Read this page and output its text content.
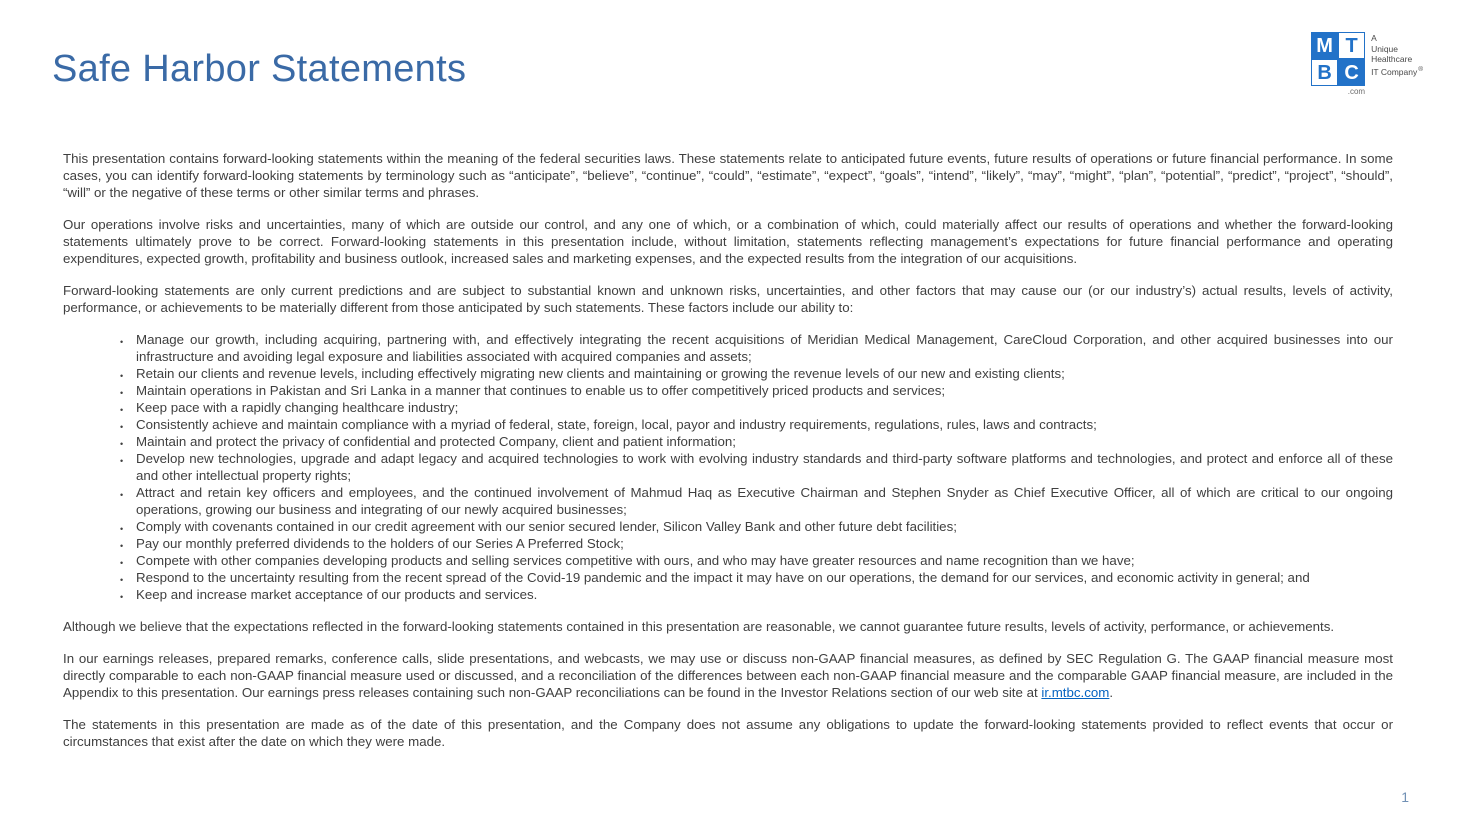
Safe Harbor Statements
M T
B C
.com
A
Unique
Healthcare
IT Company®

This presentation contains forward-looking statements within the meaning of the federal securities laws. These statements relate to anticipated future events, future results of operations or future financial performance. In some cases, you can identify forward-looking statements by terminology such as “anticipate”, “believe”, “continue”, “could”, “estimate”, “expect”, “goals”, “intend”, “likely”, “may”, “might”, “plan”, “potential”, “predict”, “project”, “should”, “will” or the negative of these terms or other similar terms and phrases.

Our operations involve risks and uncertainties, many of which are outside our control, and any one of which, or a combination of which, could materially affect our results of operations and whether the forward-looking statements ultimately prove to be correct. Forward-looking statements in this presentation include, without limitation, statements reflecting management’s expectations for future financial performance and operating expenditures, expected growth, profitability and business outlook, increased sales and marketing expenses, and the expected results from the integration of our acquisitions.

Forward-looking statements are only current predictions and are subject to substantial known and unknown risks, uncertainties, and other factors that may cause our (or our industry’s) actual results, levels of activity, performance, or achievements to be materially different from those anticipated by such statements. These factors include our ability to:

• Manage our growth, including acquiring, partnering with, and effectively integrating the recent acquisitions of Meridian Medical Management, CareCloud Corporation, and other acquired businesses into our infrastructure and avoiding legal exposure and liabilities associated with acquired companies and assets;
• Retain our clients and revenue levels, including effectively migrating new clients and maintaining or growing the revenue levels of our new and existing clients;
• Maintain operations in Pakistan and Sri Lanka in a manner that continues to enable us to offer competitively priced products and services;
• Keep pace with a rapidly changing healthcare industry;
• Consistently achieve and maintain compliance with a myriad of federal, state, foreign, local, payor and industry requirements, regulations, rules, laws and contracts;
• Maintain and protect the privacy of confidential and protected Company, client and patient information;
• Develop new technologies, upgrade and adapt legacy and acquired technologies to work with evolving industry standards and third-party software platforms and technologies, and protect and enforce all of these and other intellectual property rights;
• Attract and retain key officers and employees, and the continued involvement of Mahmud Haq as Executive Chairman and Stephen Snyder as Chief Executive Officer, all of which are critical to our ongoing operations, growing our business and integrating of our newly acquired businesses;
• Comply with covenants contained in our credit agreement with our senior secured lender, Silicon Valley Bank and other future debt facilities;
• Pay our monthly preferred dividends to the holders of our Series A Preferred Stock;
• Compete with other companies developing products and selling services competitive with ours, and who may have greater resources and name recognition than we have;
• Respond to the uncertainty resulting from the recent spread of the Covid-19 pandemic and the impact it may have on our operations, the demand for our services, and economic activity in general; and
• Keep and increase market acceptance of our products and services.

Although we believe that the expectations reflected in the forward-looking statements contained in this presentation are reasonable, we cannot guarantee future results, levels of activity, performance, or achievements.

In our earnings releases, prepared remarks, conference calls, slide presentations, and webcasts, we may use or discuss non-GAAP financial measures, as defined by SEC Regulation G. The GAAP financial measure most directly comparable to each non-GAAP financial measure used or discussed, and a reconciliation of the differences between each non-GAAP financial measure and the comparable GAAP financial measure, are included in the Appendix to this presentation. Our earnings press releases containing such non-GAAP reconciliations can be found in the Investor Relations section of our web site at ir.mtbc.com.

The statements in this presentation are made as of the date of this presentation, and the Company does not assume any obligations to update the forward-looking statements provided to reflect events that occur or circumstances that exist after the date on which they were made.

1
